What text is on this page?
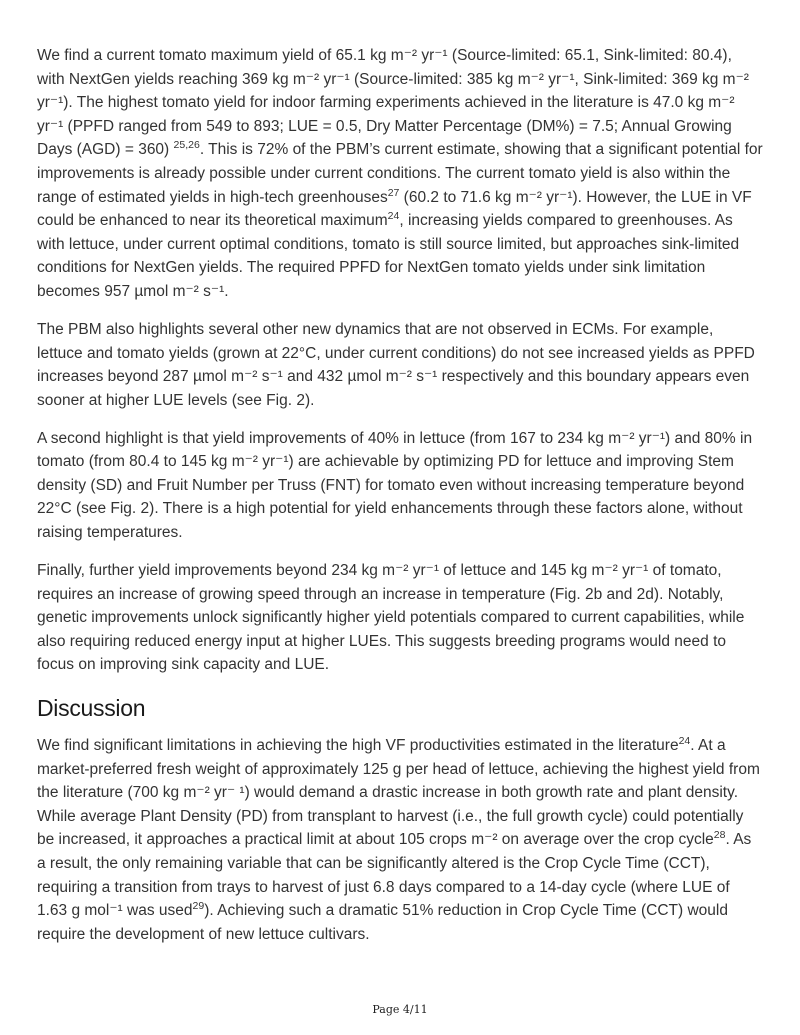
We find a current tomato maximum yield of 65.1 kg m⁻² yr⁻¹ (Source-limited: 65.1, Sink-limited: 80.4), with NextGen yields reaching 369 kg m⁻² yr⁻¹ (Source-limited: 385 kg m⁻² yr⁻¹, Sink-limited: 369 kg m⁻² yr⁻¹). The highest tomato yield for indoor farming experiments achieved in the literature is 47.0 kg m⁻² yr⁻¹ (PPFD ranged from 549 to 893; LUE = 0.5, Dry Matter Percentage (DM%) = 7.5; Annual Growing Days (AGD) = 360) $^{25,26}$. This is 72% of the PBM’s current estimate, showing that a significant potential for improvements is already possible under current conditions. The current tomato yield is also within the range of estimated yields in high-tech greenhouses$^{27}$ (60.2 to 71.6 kg m⁻² yr⁻¹). However, the LUE in VF could be enhanced to near its theoretical maximum$^{24}$, increasing yields compared to greenhouses. As with lettuce, under current optimal conditions, tomato is still source limited, but approaches sink-limited conditions for NextGen yields. The required PPFD for NextGen tomato yields under sink limitation becomes 957 µmol m⁻² s⁻¹.

The PBM also highlights several other new dynamics that are not observed in ECMs. For example, lettuce and tomato yields (grown at 22°C, under current conditions) do not see increased yields as PPFD increases beyond 287 µmol m⁻² s⁻¹ and 432 µmol m⁻² s⁻¹ respectively and this boundary appears even sooner at higher LUE levels (see Fig. 2).

A second highlight is that yield improvements of 40% in lettuce (from 167 to 234 kg m⁻² yr⁻¹) and 80% in tomato (from 80.4 to 145 kg m⁻² yr⁻¹) are achievable by optimizing PD for lettuce and improving Stem density (SD) and Fruit Number per Truss (FNT) for tomato even without increasing temperature beyond 22°C (see Fig. 2). There is a high potential for yield enhancements through these factors alone, without raising temperatures.

Finally, further yield improvements beyond 234 kg m⁻² yr⁻¹ of lettuce and 145 kg m⁻² yr⁻¹ of tomato, requires an increase of growing speed through an increase in temperature (Fig. 2b and 2d). Notably, genetic improvements unlock significantly higher yield potentials compared to current capabilities, while also requiring reduced energy input at higher LUEs. This suggests breeding programs would need to focus on improving sink capacity and LUE.

Discussion

We find significant limitations in achieving the high VF productivities estimated in the literature$^{24}$. At a market-preferred fresh weight of approximately 125 g per head of lettuce, achieving the highest yield from the literature (700 kg m⁻² yr⁻ ¹) would demand a drastic increase in both growth rate and plant density. While average Plant Density (PD) from transplant to harvest (i.e., the full growth cycle) could potentially be increased, it approaches a practical limit at about 105 crops m⁻² on average over the crop cycle$^{28}$. As a result, the only remaining variable that can be significantly altered is the Crop Cycle Time (CCT), requiring a transition from trays to harvest of just 6.8 days compared to a 14-day cycle (where LUE of 1.63 g mol⁻¹ was used$^{29}$). Achieving such a dramatic 51% reduction in Crop Cycle Time (CCT) would require the development of new lettuce cultivars.

Page 4/11
